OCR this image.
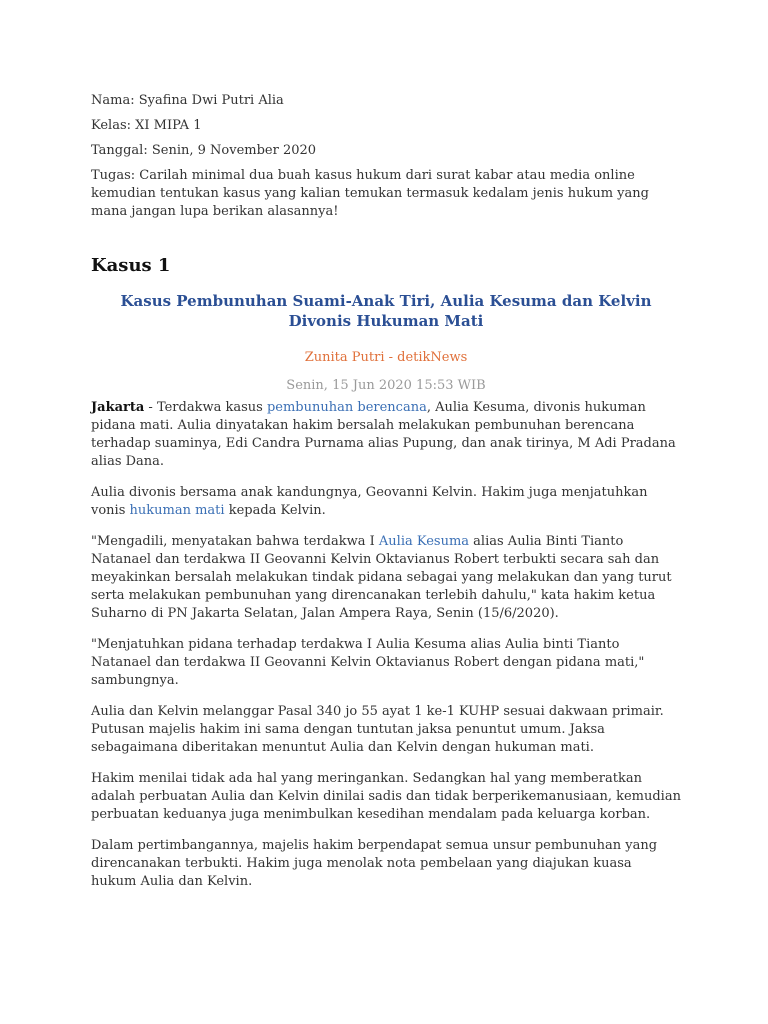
Nama: Syafina Dwi Putri Alia

Kelas: XI MIPA 1

Tanggal: Senin, 9 November 2020

Tugas: Carilah minimal dua buah kasus hukum dari surat kabar atau media online kemudian tentukan kasus yang kalian temukan termasuk kedalam jenis hukum yang mana jangan lupa berikan alasannya!

Kasus 1
Kasus Pembunuhan Suami-Anak Tiri, Aulia Kesuma dan Kelvin Divonis Hukuman Mati

Zunita Putri - detikNews

Senin, 15 Jun 2020 15:53 WIB

Jakarta - Terdakwa kasus pembunuhan berencana, Aulia Kesuma, divonis hukuman pidana mati. Aulia dinyatakan hakim bersalah melakukan pembunuhan berencana terhadap suaminya, Edi Candra Purnama alias Pupung, dan anak tirinya, M Adi Pradana alias Dana.

Aulia divonis bersama anak kandungnya, Geovanni Kelvin. Hakim juga menjatuhkan vonis hukuman mati kepada Kelvin.

"Mengadili, menyatakan bahwa terdakwa I Aulia Kesuma alias Aulia Binti Tianto Natanael dan terdakwa II Geovanni Kelvin Oktavianus Robert terbukti secara sah dan meyakinkan bersalah melakukan tindak pidana sebagai yang melakukan dan yang turut serta melakukan pembunuhan yang direncanakan terlebih dahulu," kata hakim ketua Suharno di PN Jakarta Selatan, Jalan Ampera Raya, Senin (15/6/2020).

"Menjatuhkan pidana terhadap terdakwa I Aulia Kesuma alias Aulia binti Tianto Natanael dan terdakwa II Geovanni Kelvin Oktavianus Robert dengan pidana mati," sambungnya.

Aulia dan Kelvin melanggar Pasal 340 jo 55 ayat 1 ke-1 KUHP sesuai dakwaan primair. Putusan majelis hakim ini sama dengan tuntutan jaksa penuntut umum. Jaksa sebagaimana diberitakan menuntut Aulia dan Kelvin dengan hukuman mati.

Hakim menilai tidak ada hal yang meringankan. Sedangkan hal yang memberatkan adalah perbuatan Aulia dan Kelvin dinilai sadis dan tidak berperikemanusiaan, kemudian perbuatan keduanya juga menimbulkan kesedihan mendalam pada keluarga korban.

Dalam pertimbangannya, majelis hakim berpendapat semua unsur pembunuhan yang direncanakan terbukti. Hakim juga menolak nota pembelaan yang diajukan kuasa hukum Aulia dan Kelvin.
